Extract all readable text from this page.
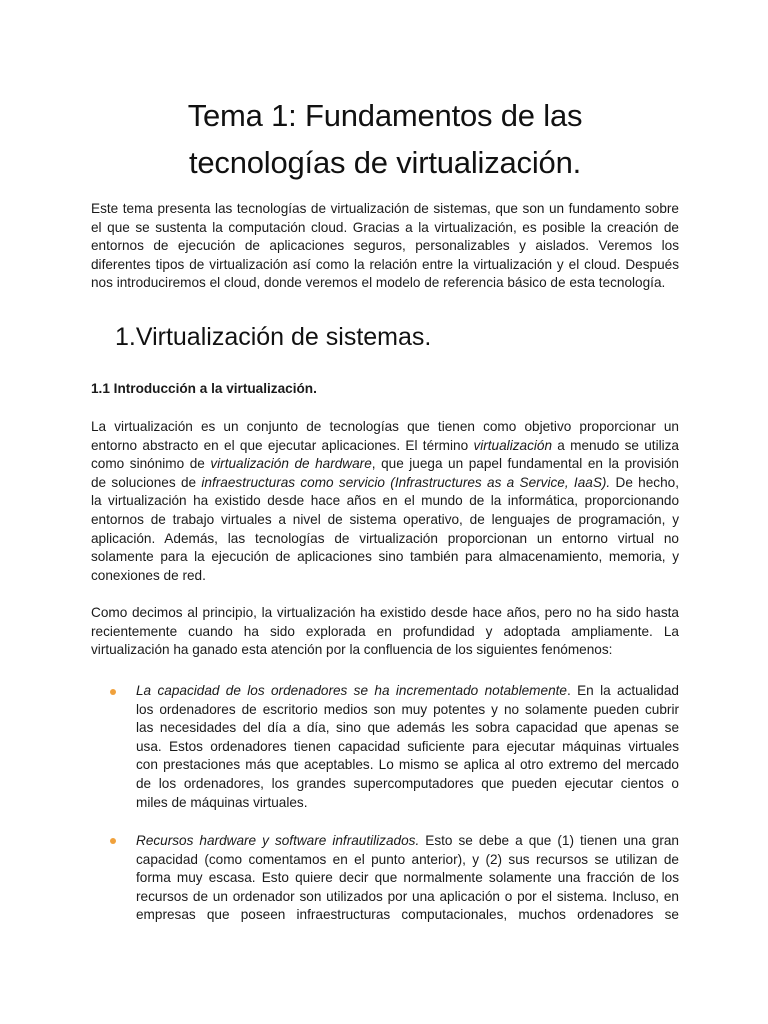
Tema 1: Fundamentos de las
tecnologías de virtualización.
Este tema presenta las tecnologías de virtualización de sistemas, que son un fundamento sobre
el que se sustenta la computación cloud. Gracias a la virtualización, es posible la creación de
entornos de ejecución de aplicaciones seguros, personalizables y aislados. Veremos los
diferentes tipos de virtualización así como la relación entre la virtualización y el cloud. Después
nos introduciremos el cloud, donde veremos el modelo de referencia básico de esta tecnología.
1.Virtualización de sistemas.
1.1 Introducción a la virtualización.
La virtualización es un conjunto de tecnologías que tienen como objetivo proporcionar un
entorno abstracto en el que ejecutar aplicaciones. El término virtualización a menudo se utiliza
como sinónimo de virtualización de hardware, que juega un papel fundamental en la provisión
de soluciones de infraestructuras como servicio (Infrastructures as a Service, IaaS). De hecho,
la virtualización ha existido desde hace años en el mundo de la informática, proporcionando
entornos de trabajo virtuales a nivel de sistema operativo, de lenguajes de programación, y
aplicación. Además, las tecnologías de virtualización proporcionan un entorno virtual no
solamente para la ejecución de aplicaciones sino también para almacenamiento, memoria, y
conexiones de red.
Como decimos al principio, la virtualización ha existido desde hace años, pero no ha sido hasta
recientemente cuando ha sido explorada en profundidad y adoptada ampliamente. La
virtualización ha ganado esta atención por la confluencia de los siguientes fenómenos:
La capacidad de los ordenadores se ha incrementado notablemente. En la actualidad
los ordenadores de escritorio medios son muy potentes y no solamente pueden cubrir
las necesidades del día a día, sino que además les sobra capacidad que apenas se
usa. Estos ordenadores tienen capacidad suficiente para ejecutar máquinas virtuales
con prestaciones más que aceptables. Lo mismo se aplica al otro extremo del mercado
de los ordenadores, los grandes supercomputadores que pueden ejecutar cientos o
miles de máquinas virtuales.
Recursos hardware y software infrautilizados. Esto se debe a que (1) tienen una gran
capacidad (como comentamos en el punto anterior), y (2) sus recursos se utilizan de
forma muy escasa. Esto quiere decir que normalmente solamente una fracción de los
recursos de un ordenador son utilizados por una aplicación o por el sistema. Incluso, en
empresas que poseen infraestructuras computacionales, muchos ordenadores se
